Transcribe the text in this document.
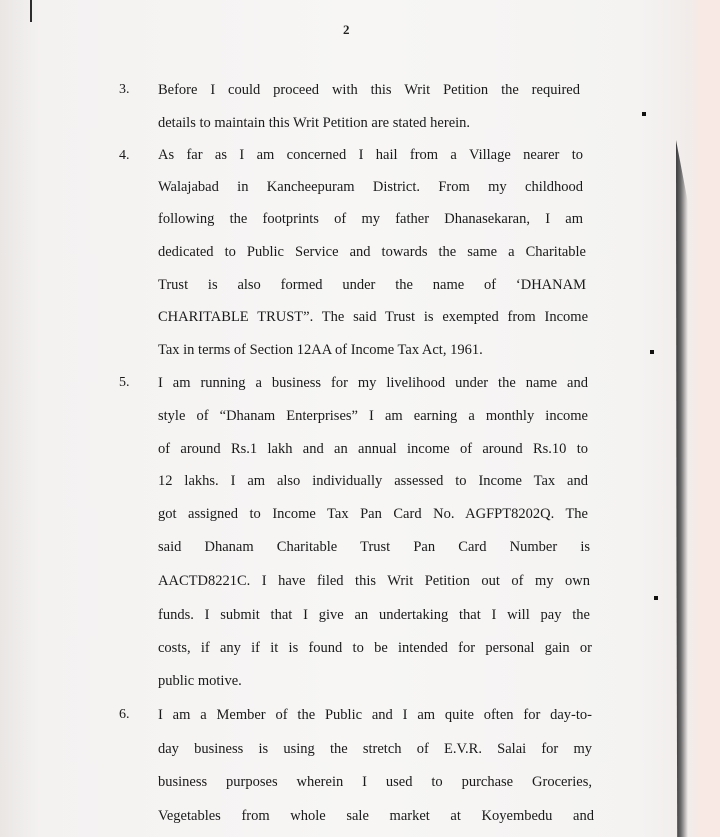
2
3. Before I could proceed with this Writ Petition the required
details to maintain this Writ Petition are stated herein.
4. As far as I am concerned I hail from a Village nearer to
Walajabad in Kancheepuram District. From my childhood
following the footprints of my father Dhanasekaran, I am
dedicated to Public Service and towards the same a Charitable
Trust is also formed under the name of ‘DHANAM
CHARITABLE TRUST”. The said Trust is exempted from Income
Tax in terms of Section 12AA of Income Tax Act, 1961.
5. I am running a business for my livelihood under the name and
style of “Dhanam Enterprises” I am earning a monthly income
of around Rs.1 lakh and an annual income of around Rs.10 to
12 lakhs. I am also individually assessed to Income Tax and
got assigned to Income Tax Pan Card No. AGFPT8202Q. The
said Dhanam Charitable Trust Pan Card Number is
AACTD8221C. I have filed this Writ Petition out of my own
funds. I submit that I give an undertaking that I will pay the
costs, if any if it is found to be intended for personal gain or
public motive.
6. I am a Member of the Public and I am quite often for day-to-
day business is using the stretch of E.V.R. Salai for my
business purposes wherein I used to purchase Groceries,
Vegetables from whole sale market at Koyembedu and
